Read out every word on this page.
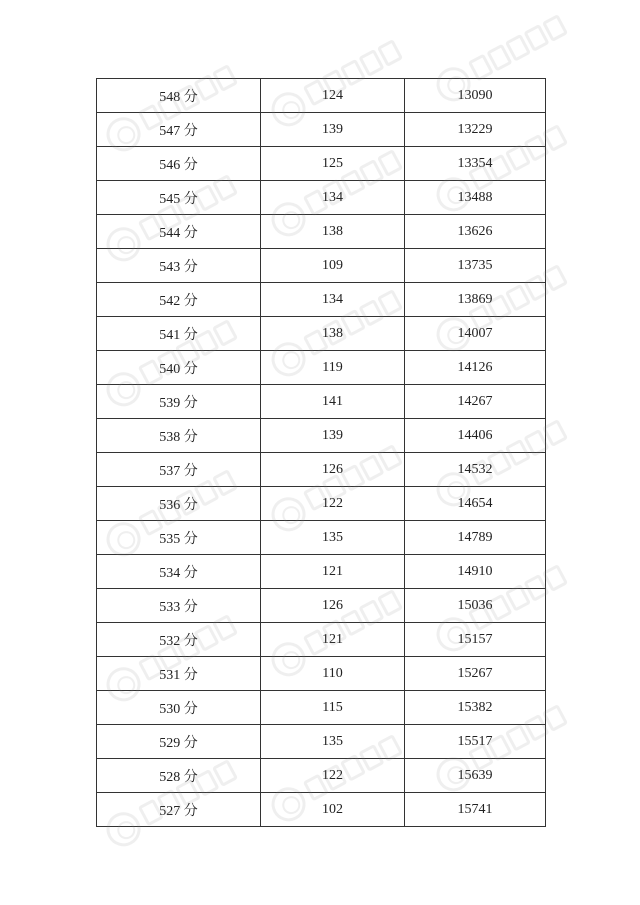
548 分	124	13090
547 分	139	13229
546 分	125	13354
545 分	134	13488
544 分	138	13626
543 分	109	13735
542 分	134	13869
541 分	138	14007
540 分	119	14126
539 分	141	14267
538 分	139	14406
537 分	126	14532
536 分	122	14654
535 分	135	14789
534 分	121	14910
533 分	126	15036
532 分	121	15157
531 分	110	15267
530 分	115	15382
529 分	135	15517
528 分	122	15639
527 分	102	15741
